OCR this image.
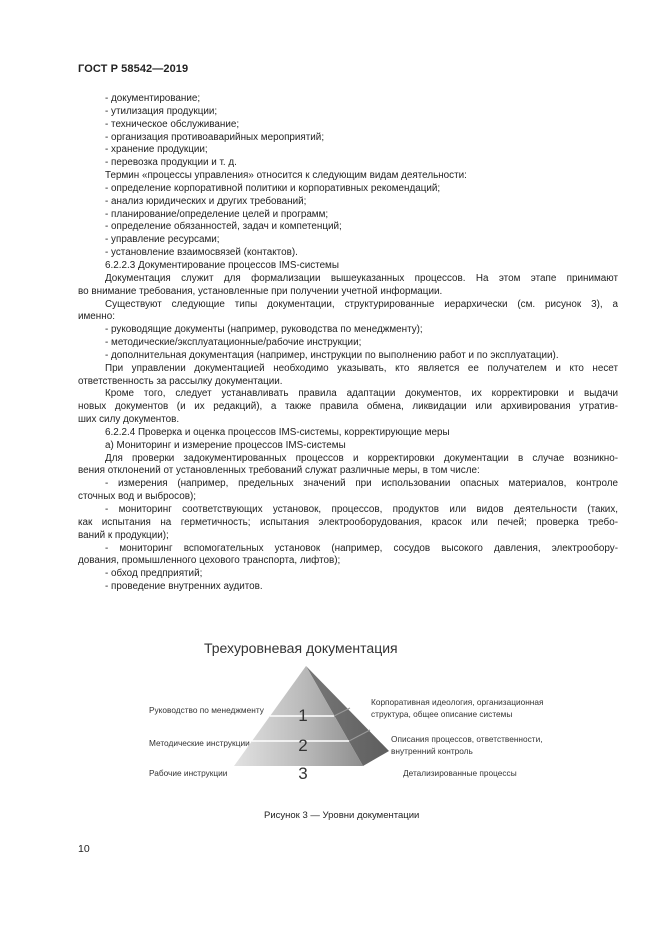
ГОСТ Р 58542—2019
- документирование;
- утилизация продукции;
- техническое обслуживание;
- организация противоаварийных мероприятий;
- хранение продукции;
- перевозка продукции и т. д.
Термин «процессы управления» относится к следующим видам деятельности:
- определение корпоративной политики и корпоративных рекомендаций;
- анализ юридических и других требований;
- планирование/определение целей и программ;
- определение обязанностей, задач и компетенций;
- управление ресурсами;
- установление взаимосвязей (контактов).
6.2.2.3 Документирование процессов IMS-системы
Документация служит для формализации вышеуказанных процессов. На этом этапе принимают
во внимание требования, установленные при получении учетной информации.
Существуют следующие типы документации, структурированные иерархически (см. рисунок 3), а
именно:
- руководящие документы (например, руководства по менеджменту);
- методические/эксплуатационные/рабочие инструкции;
- дополнительная документация (например, инструкции по выполнению работ и по эксплуатации).
При управлении документацией необходимо указывать, кто является ее получателем и кто несет
ответственность за рассылку документации.
Кроме того, следует устанавливать правила адаптации документов, их корректировки и выдачи
новых документов (и их редакций), а также правила обмена, ликвидации или архивирования утратив-
ших силу документов.
6.2.2.4 Проверка и оценка процессов IMS-системы, корректирующие меры
а) Мониторинг и измерение процессов IMS-системы
Для проверки задокументированных процессов и корректировки документации в случае возникно-
вения отклонений от установленных требований служат различные меры, в том числе:
- измерения (например, предельных значений при использовании опасных материалов, контроле
сточных вод и выбросов);
- мониторинг соответствующих установок, процессов, продуктов или видов деятельности (таких,
как испытания на герметичность; испытания электрооборудования, красок или печей; проверка требо-
ваний к продукции);
- мониторинг вспомогательных установок (например, сосудов высокого давления, электрообору-
дования, промышленного цехового транспорта, лифтов);
- обход предприятий;
- проведение внутренних аудитов.
Трехуровневая документация
Руководство по менеджменту
Методические инструкции
Рабочие инструкции
Корпоративная идеология, организационная
структура, общее описание системы
Описания процессов, ответственности,
внутренний контроль
Детализированные процессы
1
2
3
Рисунок 3 — Уровни документации
10
